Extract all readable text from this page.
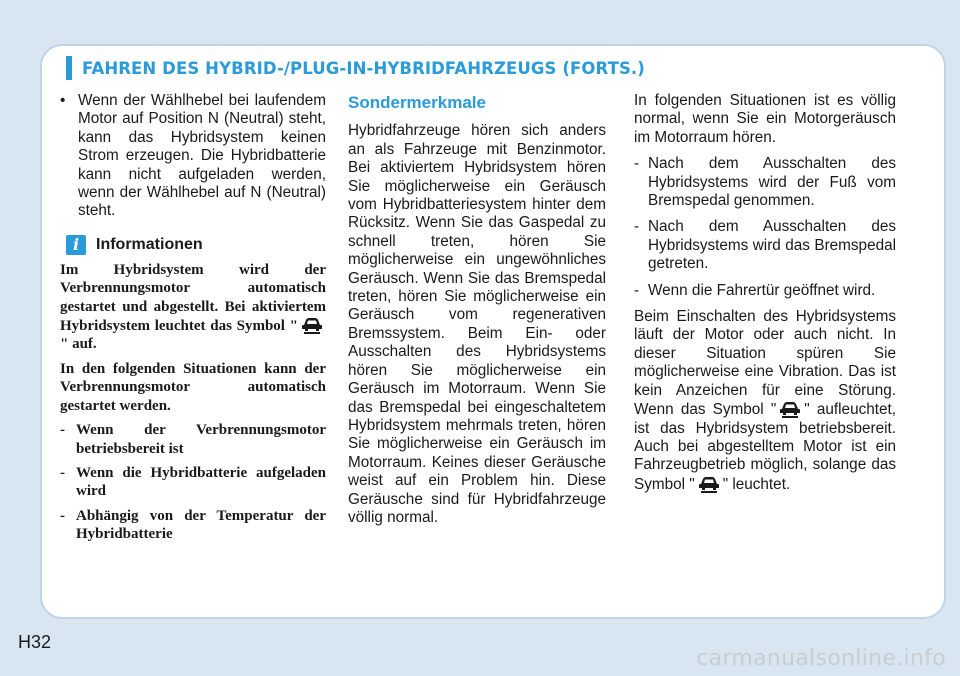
FAHREN DES HYBRID-/PLUG-IN-HYBRIDFAHRZEUGS (FORTS.)
• Wenn der Wählhebel bei laufendem Motor auf Position N (Neutral) steht, kann das Hybridsystem keinen Strom erzeugen. Die Hybridbatterie kann nicht aufgeladen werden, wenn der Wählhebel auf N (Neutral) steht.
i	Informationen
Im Hybridsystem wird der Verbrennungsmotor automatisch gestartet und abgestellt. Bei aktiviertem Hybridsystem leuchtet das Symbol "" auf.
In den folgenden Situationen kann der Verbrennungsmotor automatisch gestartet werden.
- Wenn der Verbrennungsmotor betriebsbereit ist
- Wenn die Hybridbatterie aufgeladen wird
- Abhängig von der Temperatur der Hybridbatterie
Sondermerkmale

Hybridfahrzeuge hören sich anders an als Fahrzeuge mit Benzinmotor. Bei aktiviertem Hybridsystem hören Sie möglicherweise ein Geräusch vom Hybridbatteriesystem hinter dem Rücksitz. Wenn Sie das Gaspedal zu schnell treten, hören Sie möglicherweise ein ungewöhnliches Geräusch. Wenn Sie das Bremspedal treten, hören Sie möglicherweise ein Geräusch vom regenerativen Bremssystem. Beim Ein- oder Ausschalten des Hybridsystems hören Sie möglicherweise ein Geräusch im Motorraum. Wenn Sie das Bremspedal bei eingeschaltetem Hybridsystem mehrmals treten, hören Sie möglicherweise ein Geräusch im Motorraum. Keines dieser Geräusche weist auf ein Problem hin. Diese Geräusche sind für Hybridfahrzeuge völlig normal.

In folgenden Situationen ist es völlig normal, wenn Sie ein Motorgeräusch im Motorraum hören.

- Nach dem Ausschalten des Hybridsystems wird der Fuß vom Bremspedal genommen.
- Nach dem Ausschalten des Hybridsystems wird das Bremspedal getreten.
- Wenn die Fahrertür geöffnet wird.

Beim Einschalten des Hybridsystems läuft der Motor oder auch nicht. In dieser Situation spüren Sie möglicherweise eine Vibration. Das ist kein Anzeichen für eine Störung. Wenn das Symbol " " aufleuchtet, ist das Hybridsystem betriebsbereit. Auch bei abgestelltem Motor ist ein Fahrzeugbetrieb möglich, solange das Symbol " " leuchtet.

H32
carmanualsonline.info
